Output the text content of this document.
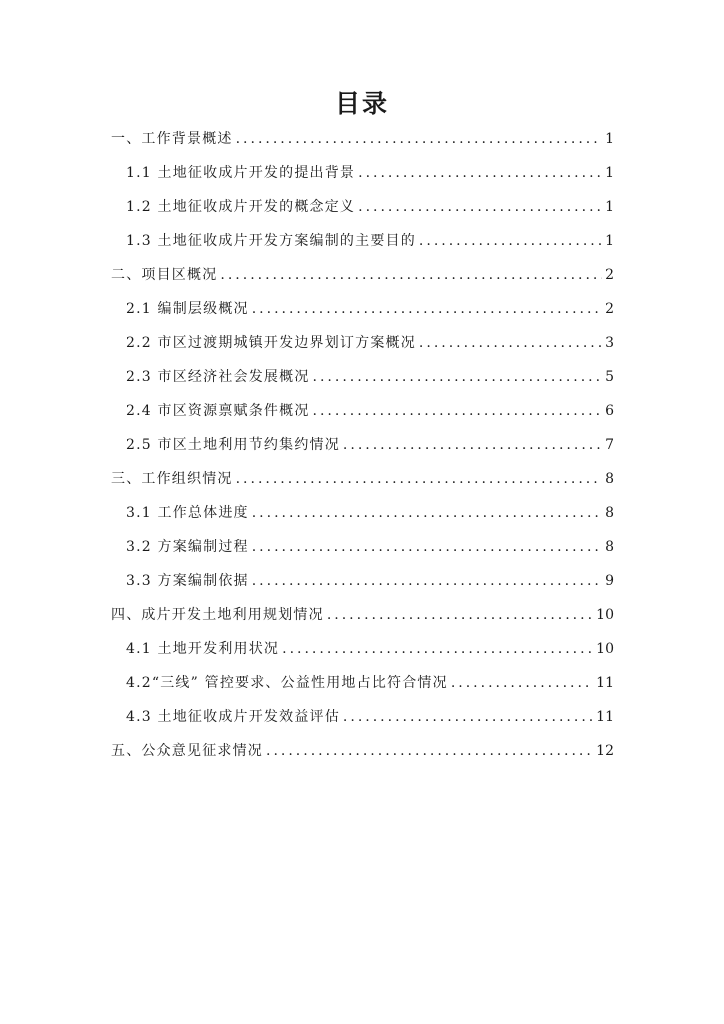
目录
一、工作背景概述 .....	1
1.1 土地征收成片开发的提出背景 .....	1
1.2 土地征收成片开发的概念定义 .....	1
1.3 土地征收成片开发方案编制的主要目的 .....	1
二、项目区概况 .....	2
2.1 编制层级概况 .....	2
2.2 市区过渡期城镇开发边界划订方案概况 .....	3
2.3 市区经济社会发展概况 .....	5
2.4 市区资源禀赋条件概况 .....	6
2.5 市区土地利用节约集约情况 .....	7
三、工作组织情况 .....	8
3.1 工作总体进度 .....	8
3.2 方案编制过程 .....	8
3.3 方案编制依据 .....	9
四、成片开发土地利用规划情况 .....	10
4.1 土地开发利用状况 .....	10
4.2“三线” 管控要求、公益性用地占比符合情况 .....	11
4.3 土地征收成片开发效益评估 .....	11
五、公众意见征求情况 .....	12
